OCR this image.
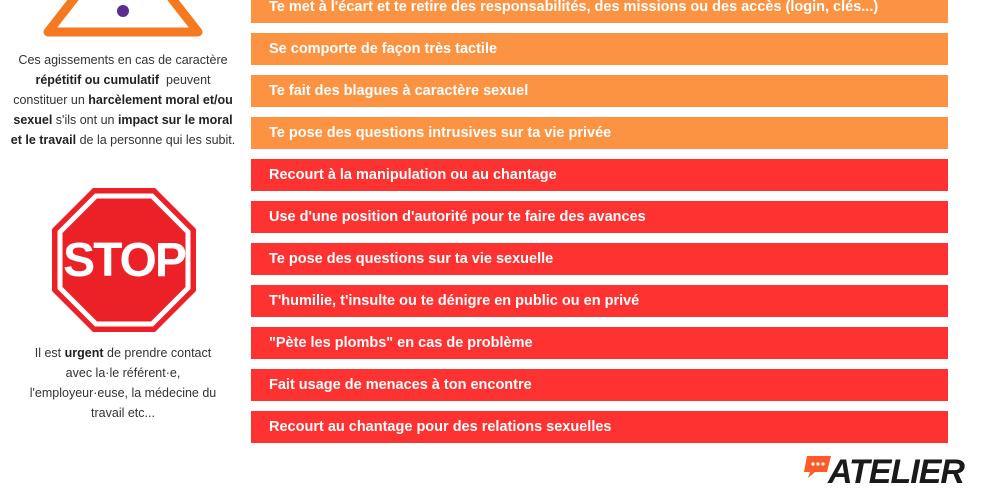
Ces agissements en cas de caractère
répétitif ou cumulatif  peuvent
constituer un harcèlement moral et/ou
sexuel s'ils ont un impact sur le moral
et le travail de la personne qui les subit.
STOP
Il est urgent de prendre contact
avec la·le référent·e,
l'employeur·euse, la médecine du
travail etc...
Te met à l'écart et te retire des responsabilités, des missions ou des accès (login, clés...)
Se comporte de façon très tactile
Te fait des blagues à caractère sexuel
Te pose des questions intrusives sur ta vie privée
Recourt à la manipulation ou au chantage
Use d'une position d'autorité pour te faire des avances
Te pose des questions sur ta vie sexuelle
T'humilie, t'insulte ou te dénigre en public ou en privé
"Pète les plombs" en cas de problème
Fait usage de menaces à ton encontre
Recourt au chantage pour des relations sexuelles
ATELIER
